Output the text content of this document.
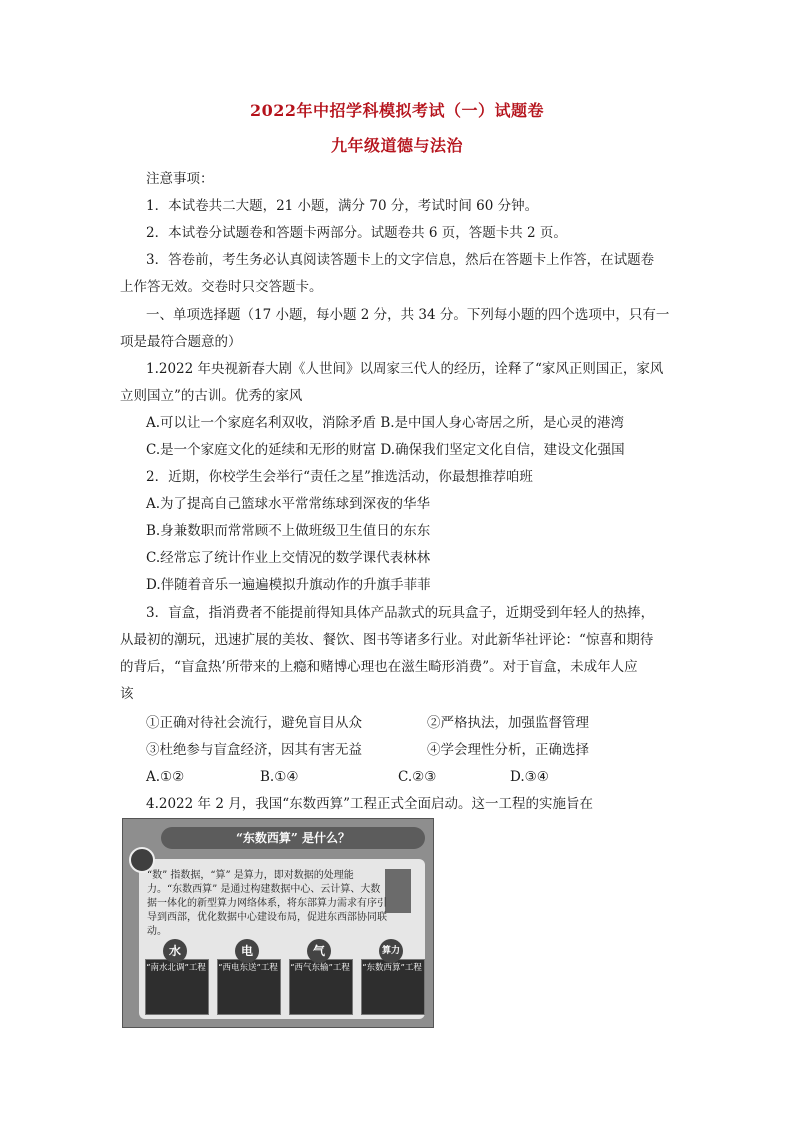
2022年中招学科模拟考试（一）试题卷
九年级道德与法治
注意事项：
1．本试卷共二大题，21 小题，满分 70 分，考试时间 60 分钟。
2．本试卷分试题卷和答题卡两部分。试题卷共 6 页，答题卡共 2 页。
3．答卷前，考生务必认真阅读答题卡上的文字信息，然后在答题卡上作答，在试题卷
上作答无效。交卷时只交答题卡。
一、单项选择题（17 小题，每小题 2 分，共 34 分。下列每小题的四个选项中，只有一
项是最符合题意的）
1.2022 年央视新春大剧《人世间》以周家三代人的经历，诠释了“家风正则国正，家风
立则国立”的古训。优秀的家风
A.可以让一个家庭名利双收，消除矛盾 B.是中国人身心寄居之所，是心灵的港湾
C.是一个家庭文化的延续和无形的财富 D.确保我们坚定文化自信，建设文化强国
2．近期，你校学生会举行“责任之星”推选活动，你最想推荐咱班
A.为了提高自己篮球水平常常练球到深夜的华华
B.身兼数职而常常顾不上做班级卫生值日的东东
C.经常忘了统计作业上交情况的数学课代表林林
D.伴随着音乐一遍遍模拟升旗动作的升旗手菲菲
3．盲盒，指消费者不能提前得知具体产品款式的玩具盒子，近期受到年轻人的热捧，
从最初的潮玩，迅速扩展的美妆、餐饮、图书等诸多行业。对此新华社评论：“惊喜和期待
的背后，“盲盒热’所带来的上瘾和赌博心理也在滋生畸形消费”。对于盲盒，未成年人应
该
①正确对待社会流行，避免盲目从众	②严格执法，加强监督管理
③杜绝参与盲盒经济，因其有害无益	④学会理性分析，正确选择
A.①②	B.①④	C.②③	D.③④
4.2022 年 2 月，我国“东数西算”工程正式全面启动。这一工程的实施旨在
“东数西算” 是什么？
“数” 指数据，“算” 是算力，即对数据的处理能力。“东数西算” 是通过构建数据中心、云计算、大数据一体化的新型算力网络体系，将东部算力需求有序引导到西部，优化数据中心建设布局，促进东西部协同联动。
水
“南水北调”工程
电
“西电东送”工程
气
“西气东输”工程
算力
“东数西算”工程
